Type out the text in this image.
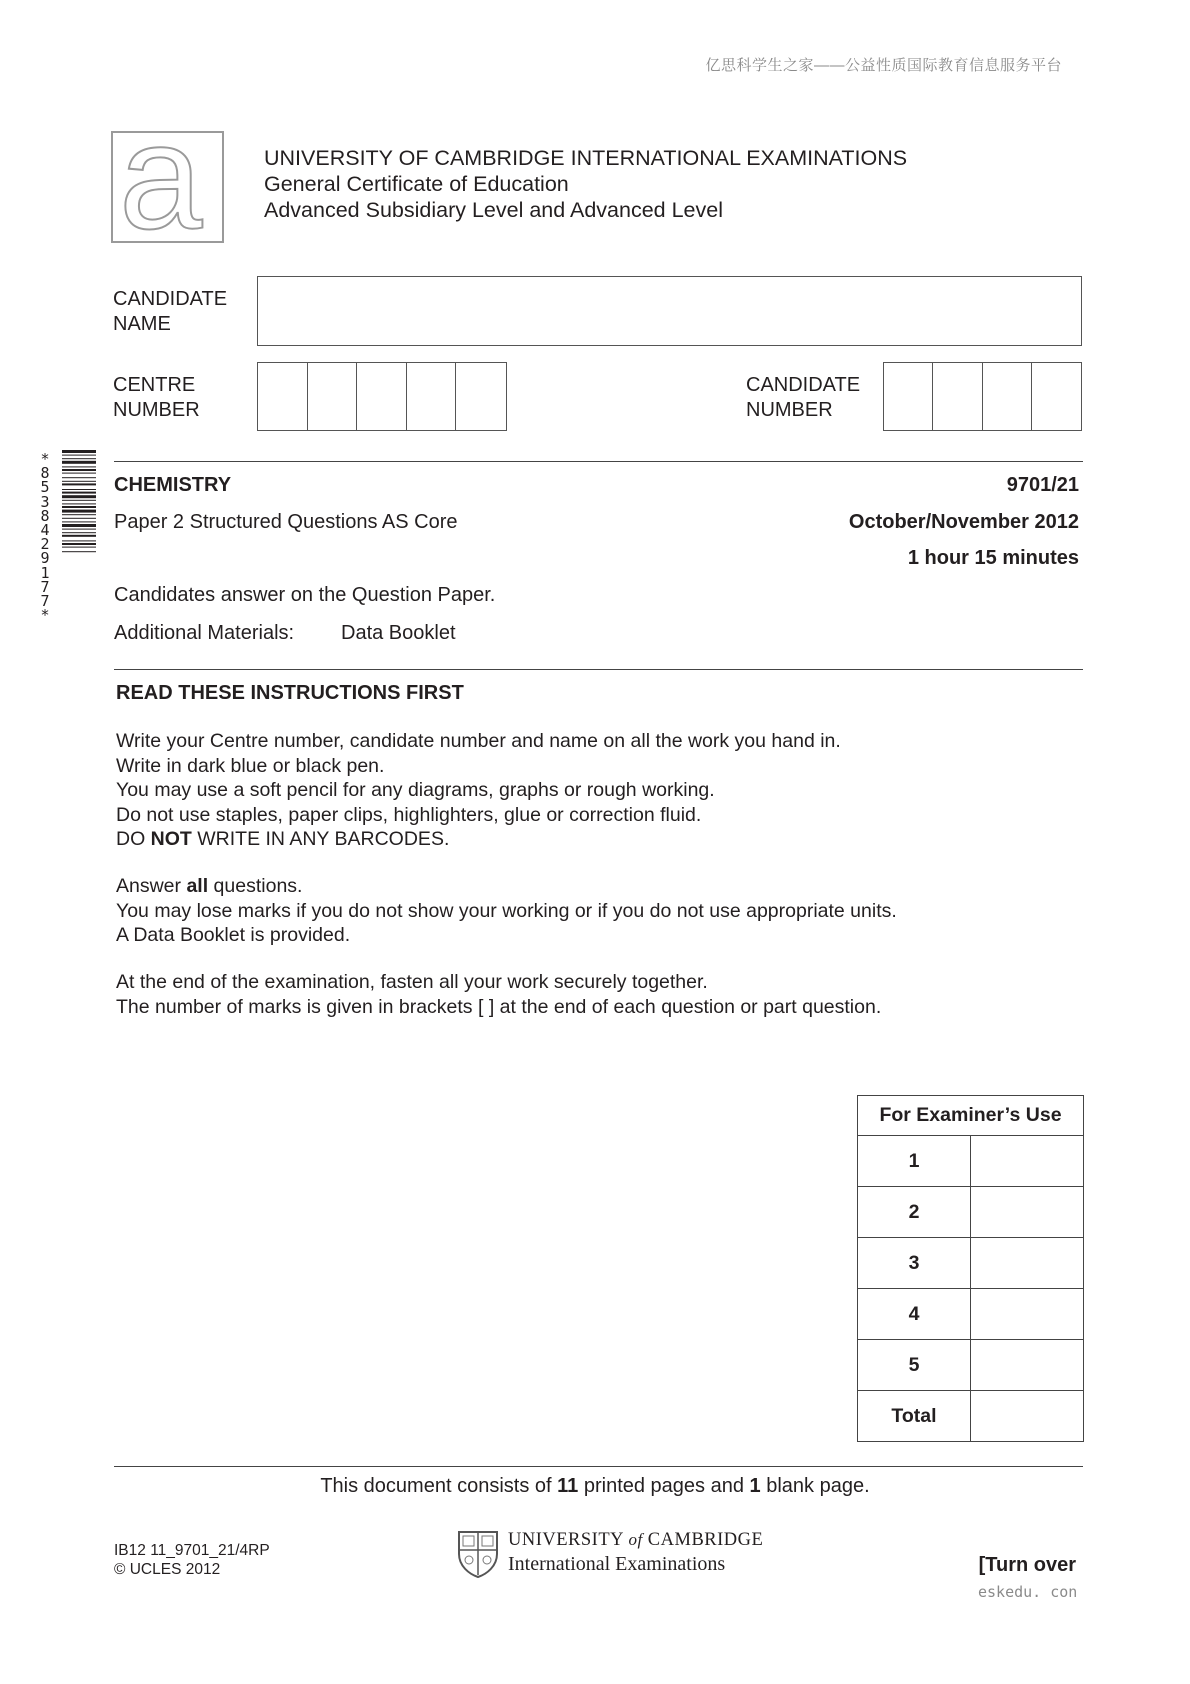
亿思科学生之家——公益性质国际教育信息服务平台
a	UNIVERSITY OF CAMBRIDGE INTERNATIONAL EXAMINATIONS
General Certificate of Education
Advanced Subsidiary Level and Advanced Level
CANDIDATE
NAME
CENTRE
NUMBER
CANDIDATE
NUMBER
*
8
5
3
8
4
2
9
1
7
7
*
CHEMISTRY	9701/21
Paper 2 Structured Questions AS Core	October/November 2012
1 hour 15 minutes
Candidates answer on the Question Paper.
Additional Materials: Data Booklet
READ THESE INSTRUCTIONS FIRST

Write your Centre number, candidate number and name on all the work you hand in.

Write in dark blue or black pen.

You may use a soft pencil for any diagrams, graphs or rough working.

Do not use staples, paper clips, highlighters, glue or correction fluid.

DO NOT WRITE IN ANY BARCODES.

Answer all questions.

You may lose marks if you do not show your working or if you do not use appropriate units.

A Data Booklet is provided.

At the end of the examination, fasten all your work securely together.

The number of marks is given in brackets [ ] at the end of each question or part question.

For Examiner’s Use	
1	
2	
3	
4	
5	
Total	
This document consists of 11 printed pages and 1 blank page.
IB12 11_9701_21/4RP
© UCLES 2012
UNIVERSITY of CAMBRIDGE
International Examinations	[Turn over
eskedu. con
